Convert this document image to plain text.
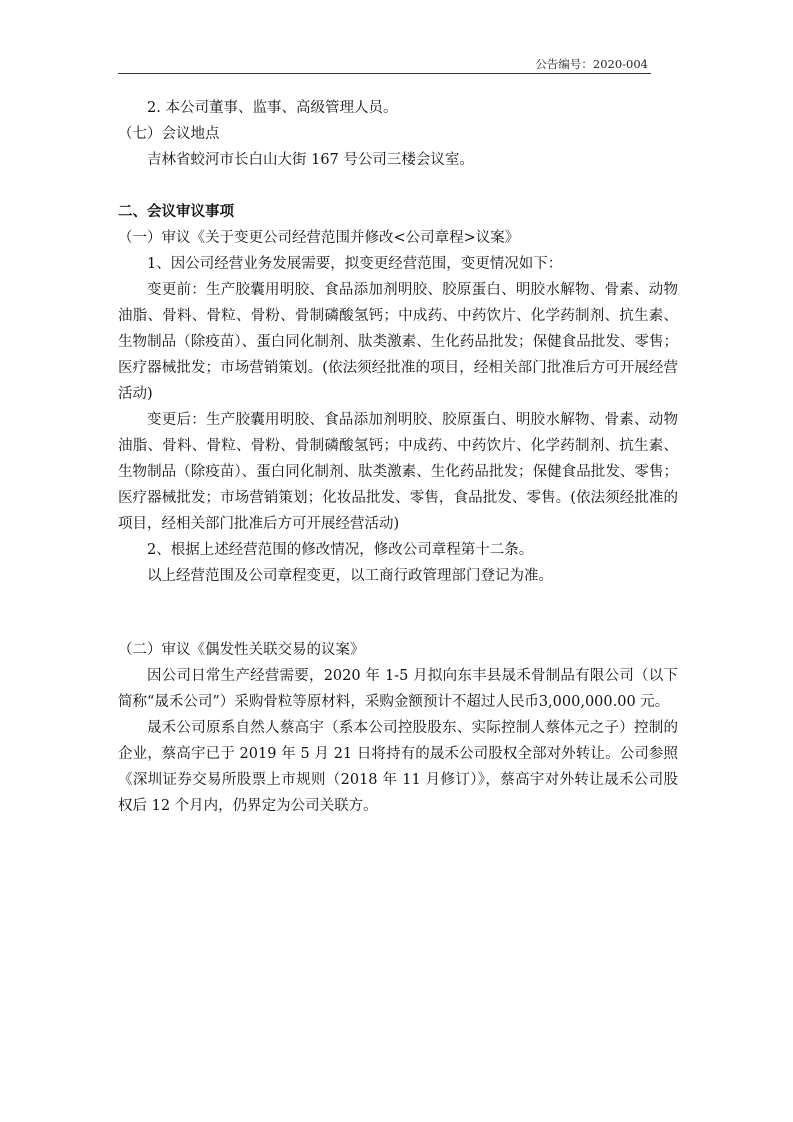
公告编号：2020-004

2. 本公司董事、监事、高级管理人员。

（七）会议地点

吉林省蛟河市长白山大街 167 号公司三楼会议室。

二、会议审议事项

（一）审议《关于变更公司经营范围并修改<公司章程>议案》

1、因公司经营业务发展需要，拟变更经营范围，变更情况如下：

变更前：生产胶囊用明胶、食品添加剂明胶、胶原蛋白、明胶水解物、骨素、动物油脂、骨料、骨粒、骨粉、骨制磷酸氢钙；中成药、中药饮片、化学药制剂、抗生素、生物制品（除疫苗）、蛋白同化制剂、肽类激素、生化药品批发；保健食品批发、零售；医疗器械批发；市场营销策划。(依法须经批准的项目，经相关部门批准后方可开展经营活动)

变更后：生产胶囊用明胶、食品添加剂明胶、胶原蛋白、明胶水解物、骨素、动物油脂、骨料、骨粒、骨粉、骨制磷酸氢钙；中成药、中药饮片、化学药制剂、抗生素、生物制品（除疫苗）、蛋白同化制剂、肽类激素、生化药品批发；保健食品批发、零售；医疗器械批发；市场营销策划；化妆品批发、零售，食品批发、零售。(依法须经批准的项目，经相关部门批准后方可开展经营活动)

2、根据上述经营范围的修改情况，修改公司章程第十二条。

以上经营范围及公司章程变更，以工商行政管理部门登记为准。

（二）审议《偶发性关联交易的议案》

因公司日常生产经营需要，2020 年 1-5 月拟向东丰县晟禾骨制品有限公司（以下简称“晟禾公司”）采购骨粒等原材料，采购金额预计不超过人民币3,000,000.00 元。

晟禾公司原系自然人蔡高宇（系本公司控股股东、实际控制人蔡体元之子）控制的企业，蔡高宇已于 2019 年 5 月 21 日将持有的晟禾公司股权全部对外转让。公司参照《深圳证券交易所股票上市规则（2018 年 11 月修订）》，蔡高宇对外转让晟禾公司股权后 12 个月内，仍界定为公司关联方。
